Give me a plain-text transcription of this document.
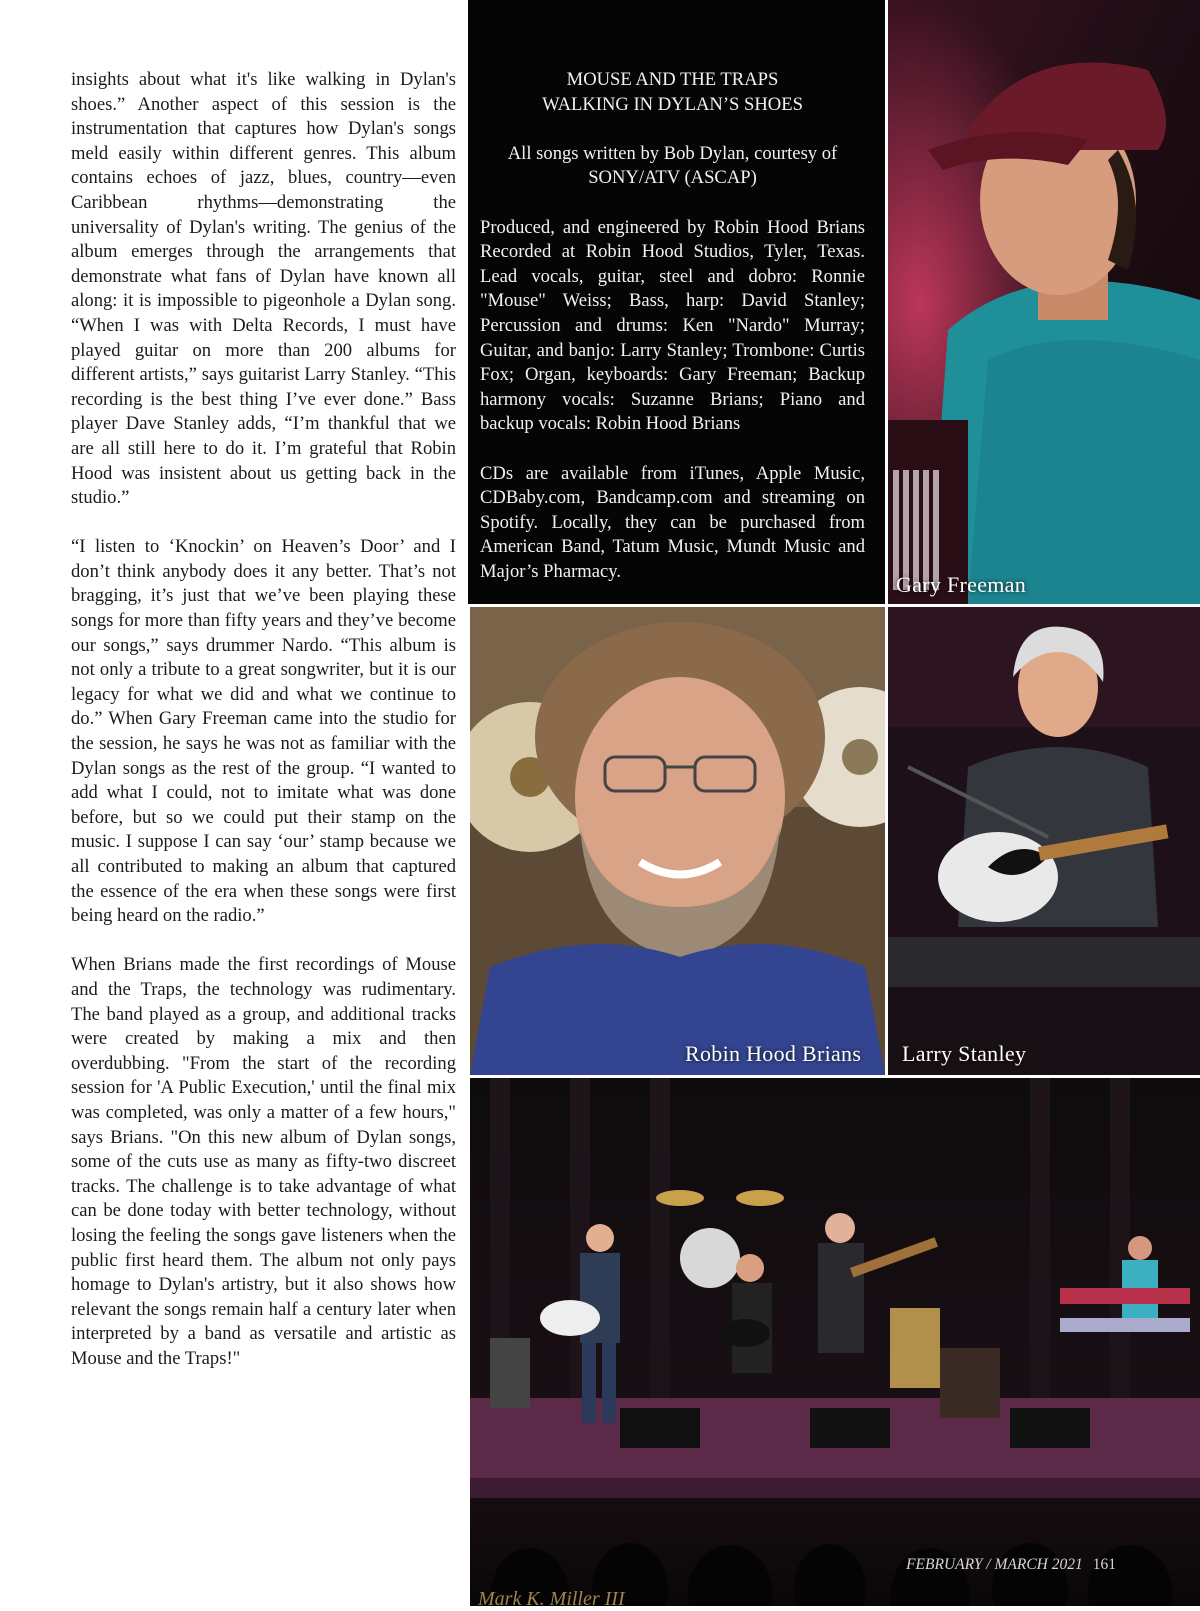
insights about what it's like walking in Dylan's shoes.” Another aspect of this session is the instrumentation that captures how Dylan's songs meld easily within different genres. This album contains echoes of jazz, blues, country—even Caribbean rhythms—demonstrating the universality of Dylan's writing. The genius of the album emerges through the arrangements that demonstrate what fans of Dylan have known all along: it is impossible to pigeonhole a Dylan song. “When I was with Delta Records, I must have played guitar on more than 200 albums for different artists,” says guitarist Larry Stanley. “This recording is the best thing I’ve ever done.” Bass player Dave Stanley adds, “I’m thankful that we are all still here to do it. I’m grateful that Robin Hood was insistent about us getting back in the studio.”

“I listen to ‘Knockin’ on Heaven’s Door’ and I don’t think anybody does it any better. That’s not bragging, it’s just that we’ve been playing these songs for more than fifty years and they’ve become our songs,” says drummer Nardo. “This album is not only a tribute to a great songwriter, but it is our legacy for what we did and what we continue to do.” When Gary Freeman came into the studio for the session, he says he was not as familiar with the Dylan songs as the rest of the group. “I wanted to add what I could, not to imitate what was done before, but so we could put their stamp on the music. I suppose I can say ‘our’ stamp because we all contributed to making an album that captured the essence of the era when these songs were first being heard on the radio.”

When Brians made the first recordings of Mouse and the Traps, the technology was rudimentary. The band played as a group, and additional tracks were created by making a mix and then overdubbing. "From the start of the recording session for 'A Public Execution,' until the final mix was completed, was only a matter of a few hours," says Brians. "On this new album of Dylan songs, some of the cuts use as many as fifty-two discreet tracks. The challenge is to take advantage of what can be done today with better technology, without losing the feeling the songs gave listeners when the public first heard them. The album not only pays homage to Dylan's artistry, but it also shows how relevant the songs remain half a century later when interpreted by a band as versatile and artistic as Mouse and the Traps!"

MOUSE AND THE TRAPS
WALKING IN DYLAN’S SHOES
All songs written by Bob Dylan, courtesy of
SONY/ATV (ASCAP)

Produced, and engineered by Robin Hood Brians Recorded at Robin Hood Studios, Tyler, Texas. Lead vocals, guitar, steel and dobro: Ronnie "Mouse" Weiss; Bass, harp: David Stanley; Percussion and drums: Ken "Nardo" Murray; Guitar, and banjo: Larry Stanley; Trombone: Curtis Fox; Organ, keyboards: Gary Freeman; Backup harmony vocals: Suzanne Brians; Piano and backup vocals: Robin Hood Brians

CDs are available from iTunes, Apple Music, CDBaby.com, Bandcamp.com and streaming on Spotify. Locally, they can be purchased from American Band, Tatum Music, Mundt Music and Major’s Pharmacy.

Gary Freeman
Robin Hood Brians Larry Stanley
FEBRUARY / MARCH 2021 161
Mark K. Miller III
